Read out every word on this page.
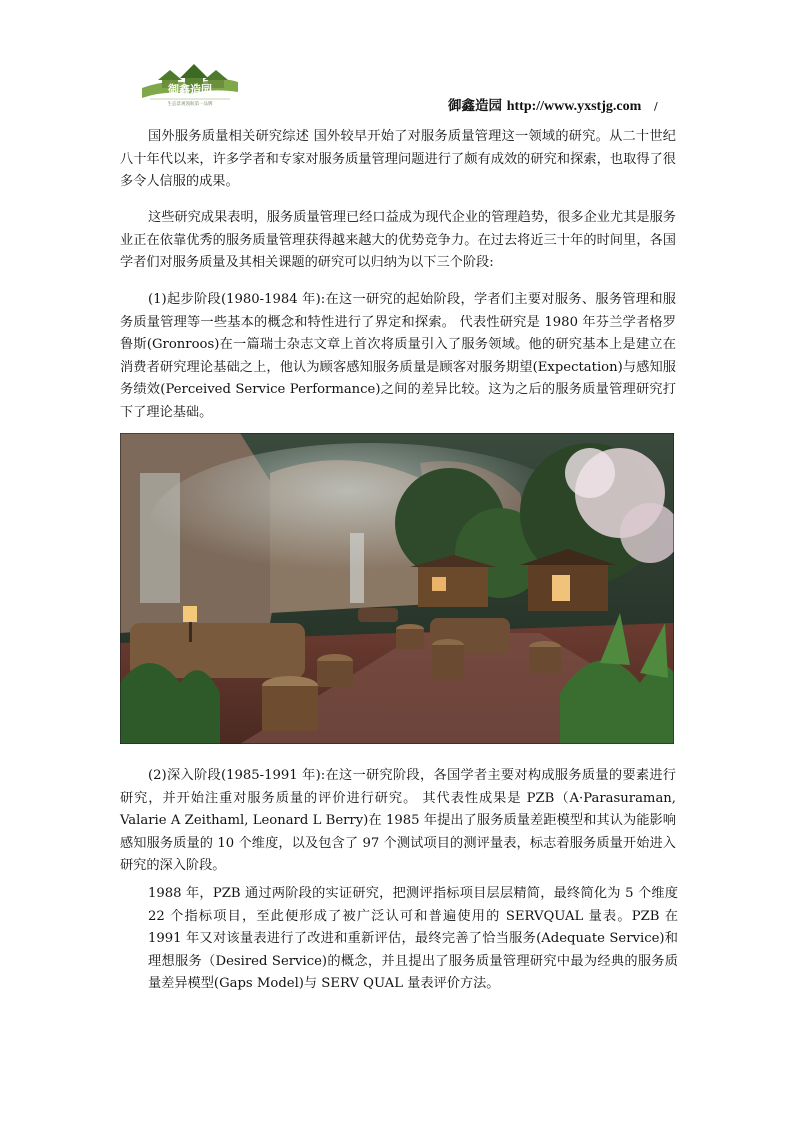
御鑫造园
生态景观领航第一品牌	御鑫造园 http://www.yxstjg.com /

国外服务质量相关研究综述 国外较早开始了对服务质量管理这一领域的研究。从二十世纪八十年代以来，许多学者和专家对服务质量管理问题进行了颇有成效的研究和探索，也取得了很多令人信服的成果。

这些研究成果表明，服务质量管理已经口益成为现代企业的管理趋势，很多企业尤其是服务业正在依靠优秀的服务质量管理获得越来越大的优势竞争力。在过去将近三十年的时间里，各国学者们对服务质量及其相关课题的研究可以归纳为以下三个阶段:

(1)起步阶段(1980-1984 年):在这一研究的起始阶段，学者们主要对服务、服务管理和服务质量管理等一些基本的概念和特性进行了界定和探索。 代表性研究是 1980 年芬兰学者格罗鲁斯(Gronroos)在一篇瑞士杂志文章上首次将质量引入了服务领域。他的研究基本上是建立在消费者研究理论基础之上，他认为顾客感知服务质量是顾客对服务期望(Expectation)与感知服务绩效(Perceived Service Performance)之间的差异比较。这为之后的服务质量管理研究打下了理论基础。

(2)深入阶段(1985-1991 年):在这一研究阶段，各国学者主要对构成服务质量的要素进行研究，并开始注重对服务质量的评价进行研究。 其代表性成果是 PZB（A·Parasuraman, Valarie A Zeithaml, Leonard L Berry)在 1985 年提出了服务质量差距模型和其认为能影响感知服务质量的 10 个维度，以及包含了 97 个测试项目的测评量表，标志着服务质量开始进入研究的深入阶段。

1988 年，PZB 通过两阶段的实证研究，把测评指标项目层层精简，最终简化为 5 个维度 22 个指标项目，至此便形成了被广泛认可和普遍使用的 SERVQUAL 量表。PZB 在 1991 年又对该量表进行了改进和重新评估，最终完善了恰当服务(Adequate Service)和理想服务（Desired Service)的概念，并且提出了服务质量管理研究中最为经典的服务质量差异模型(Gaps Model)与 SERV QUAL 量表评价方法。
